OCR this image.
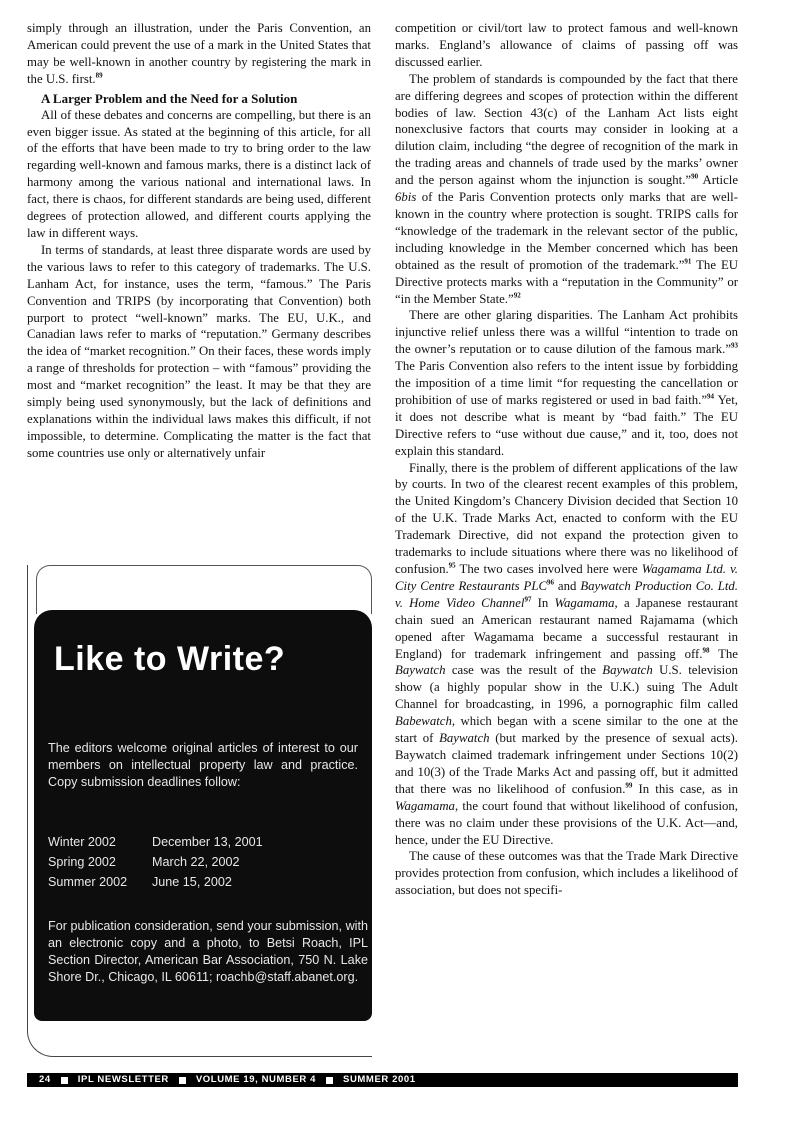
simply through an illustration, under the Paris Convention, an American could prevent the use of a mark in the United States that may be well-known in another country by registering the mark in the U.S. first.$^{89}$

A Larger Problem and the Need for a Solution

All of these debates and concerns are compelling, but there is an even bigger issue. As stated at the beginning of this article, for all of the efforts that have been made to try to bring order to the law regarding well-known and famous marks, there is a distinct lack of harmony among the various national and international laws. In fact, there is chaos, for different standards are being used, different degrees of protection allowed, and different courts applying the law in different ways.

In terms of standards, at least three disparate words are used by the various laws to refer to this category of trademarks. The U.S. Lanham Act, for instance, uses the term, “famous.” The Paris Convention and TRIPS (by incorporating that Convention) both purport to protect “well-known” marks. The EU, U.K., and Canadian laws refer to marks of “reputation.” Germany describes the idea of “market recognition.” On their faces, these words imply a range of thresholds for protection – with “famous” providing the most and “market recognition” the least. It may be that they are simply being used synonymously, but the lack of definitions and explanations within the individual laws makes this difficult, if not impossible, to determine. Complicating the matter is the fact that some countries use only or alternatively unfair

Like to Write?

The editors welcome original articles of interest to our members on intellectual property law and practice. Copy submission deadlines follow:

Winter 2002	December 13, 2001
Spring 2002	March 22, 2002
Summer 2002	June 15, 2002

For publication consideration, send your submission, with an electronic copy and a photo, to Betsi Roach, IPL Section Director, American Bar Association, 750 N. Lake Shore Dr., Chicago, IL 60611; roachb@staff.abanet.org.

competition or civil/tort law to protect famous and well-known marks. England’s allowance of claims of passing off was discussed earlier.

The problem of standards is compounded by the fact that there are differing degrees and scopes of protection within the different bodies of law. Section 43(c) of the Lanham Act lists eight nonexclusive factors that courts may consider in looking at a dilution claim, including “the degree of recognition of the mark in the trading areas and channels of trade used by the marks’ owner and the person against whom the injunction is sought.”$^{90}$ Article 6bis of the Paris Convention protects only marks that are well-known in the country where protection is sought. TRIPS calls for “knowledge of the trademark in the relevant sector of the public, including knowledge in the Member concerned which has been obtained as the result of promotion of the trademark.”$^{91}$ The EU Directive protects marks with a “reputation in the Community” or “in the Member State.”$^{92}$

There are other glaring disparities. The Lanham Act prohibits injunctive relief unless there was a willful “intention to trade on the owner’s reputation or to cause dilution of the famous mark.”$^{93}$ The Paris Convention also refers to the intent issue by forbidding the imposition of a time limit “for requesting the cancellation or prohibition of use of marks registered or used in bad faith.”$^{94}$ Yet, it does not describe what is meant by “bad faith.” The EU Directive refers to “use without due cause,” and it, too, does not explain this standard.

Finally, there is the problem of different applications of the law by courts. In two of the clearest recent examples of this problem, the United Kingdom’s Chancery Division decided that Section 10 of the U.K. Trade Marks Act, enacted to conform with the EU Trademark Directive, did not expand the protection given to trademarks to include situations where there was no likelihood of confusion.$^{95}$ The two cases involved here were Wagamama Ltd. v. City Centre Restaurants PLC$^{96}$ and Baywatch Production Co. Ltd. v. Home Video Channel$^{97}$ In Wagamama, a Japanese restaurant chain sued an American restaurant named Rajamama (which opened after Wagamama became a successful restaurant in England) for trademark infringement and passing off.$^{98}$ The Baywatch case was the result of the Baywatch U.S. television show (a highly popular show in the U.K.) suing The Adult Channel for broadcasting, in 1996, a pornographic film called Babewatch, which began with a scene similar to the one at the start of Baywatch (but marked by the presence of sexual acts). Baywatch claimed trademark infringement under Sections 10(2) and 10(3) of the Trade Marks Act and passing off, but it admitted that there was no likelihood of confusion.$^{99}$ In this case, as in Wagamama, the court found that without likelihood of confusion, there was no claim under these provisions of the U.K. Act—and, hence, under the EU Directive.

The cause of these outcomes was that the Trade Mark Directive provides protection from confusion, which includes a likelihood of association, but does not specifi-

24	IPL NEWSLETTER	VOLUME 19, NUMBER 4	SUMMER 2001
